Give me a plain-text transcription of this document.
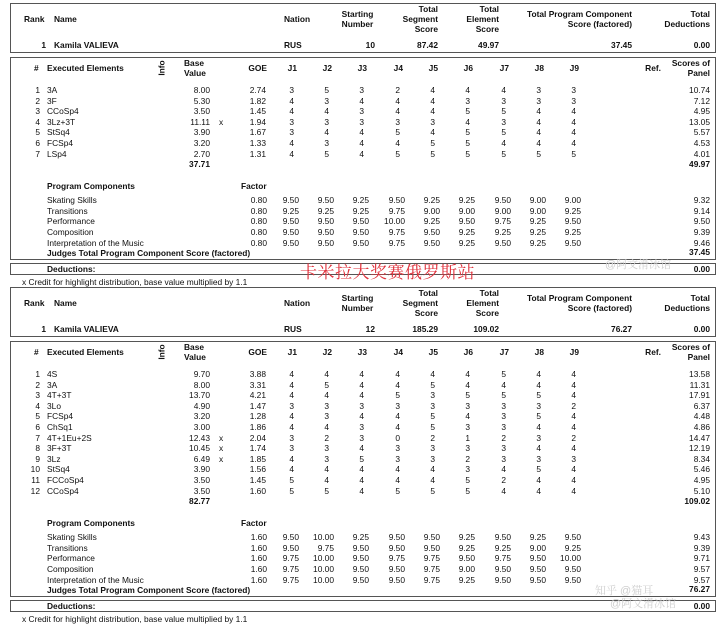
Rank Name	Nation	Starting
Number
Total
Segment
Score
Total
Element
Score
Total Program Component
Score (factored)
Total
Deductions
1 Kamila VALIEVA	RUS	10	87.42	49.97	37.45	0.00
# Executed Elements	Info Base
Value	GOE	J1	J2	J3	J4	J5	J6	J7	J8	J9	Ref.	Scores of
Panel
1 3A	8.00	2.74	3	5	3	2	4	4	4	3	3	10.74
2 3F	5.30	1.82	4	3	4	4	4	3	3	3	3	7.12
3 CCoSp4	3.50	1.45	4	4	3	4	4	5	5	4	4	4.95
4 3Lz+3T	11.11 x	1.94	3	3	3	3	3	4	3	4	4	13.05
5 StSq4	3.90	1.67	3	4	4	5	4	5	5	4	4	5.57
6 FCSp4	3.20	1.33	4	3	4	4	5	5	4	4	4	4.53
7 LSp4	2.70	1.31	4	5	4	5	5	5	5	5	5	4.01
37.71	49.97
Program Components	Factor
Skating Skills	0.80	9.50	9.50	9.25	9.50	9.25	9.25	9.50	9.00	9.00	9.32
Transitions	0.80	9.25	9.25	9.25	9.75	9.00	9.00	9.00	9.00	9.25	9.14
Performance	0.80	9.50	9.50	9.50	10.00	9.25	9.50	9.75	9.25	9.50	9.50
Composition	0.80	9.50	9.50	9.50	9.75	9.50	9.25	9.25	9.25	9.25	9.39
Interpretation of the Music	0.80	9.50	9.50	9.50	9.75	9.50	9.25	9.50	9.25	9.50	9.46
Judges Total Program Component Score (factored)	37.45
Deductions:	0.00
x Credit for highlight distribution, base value multiplied by 1.1
Rank Name	Nation	Starting
Number
Total
Segment
Score
Total
Element
Score
Total Program Component
Score (factored)
Total
Deductions
1 Kamila VALIEVA	RUS	12	185.29	109.02	76.27	0.00
# Executed Elements	Info Base
Value	GOE	J1	J2	J3	J4	J5	J6	J7	J8	J9	Ref.	Scores of
Panel
1 4S	9.70	3.88	4	4	4	4	4	4	5	4	4	13.58
2 3A	8.00	3.31	4	5	4	4	5	4	4	4	4	11.31
3 4T+3T	13.70	4.21	4	4	4	5	3	5	5	5	4	17.91
4 3Lo	4.90	1.47	3	3	3	3	3	3	3	3	2	6.37
5 FCSp4	3.20	1.28	4	3	4	4	5	4	3	5	4	4.48
6 ChSq1	3.00	1.86	4	4	3	4	5	3	3	4	4	4.86
7 4T+1Eu+2S	12.43 x	2.04	3	2	3	0	2	1	2	3	2	14.47
8 3F+3T	10.45 x	1.74	3	3	4	3	3	3	3	4	4	12.19
9 3Lz	6.49 x	1.85	4	3	5	3	3	2	3	3	3	8.34
10 StSq4	3.90	1.56	4	4	4	4	4	3	4	5	4	5.46
11 FCCoSp4	3.50	1.45	5	4	4	4	4	5	2	4	4	4.95
12 CCoSp4	3.50	1.60	5	5	4	5	5	5	4	4	4	5.10
82.77	109.02
Program Components	Factor
Skating Skills	1.60	9.50	10.00	9.25	9.50	9.50	9.25	9.50	9.25	9.50	9.43
Transitions	1.60	9.50	9.75	9.50	9.50	9.50	9.25	9.25	9.00	9.25	9.39
Performance	1.60	9.75	10.00	9.50	9.75	9.75	9.50	9.75	9.50	10.00	9.71
Composition	1.60	9.75	10.00	9.50	9.50	9.75	9.00	9.50	9.50	9.50	9.57
Interpretation of the Music	1.60	9.75	10.00	9.50	9.50	9.75	9.25	9.50	9.50	9.50	9.57
Judges Total Program Component Score (factored)	76.27
Deductions:	0.00
x Credit for highlight distribution, base value multiplied by 1.1
卡米拉大奖赛俄罗斯站	@阿文滑冰馆
知乎 @猫耳
@阿文滑冰馆
